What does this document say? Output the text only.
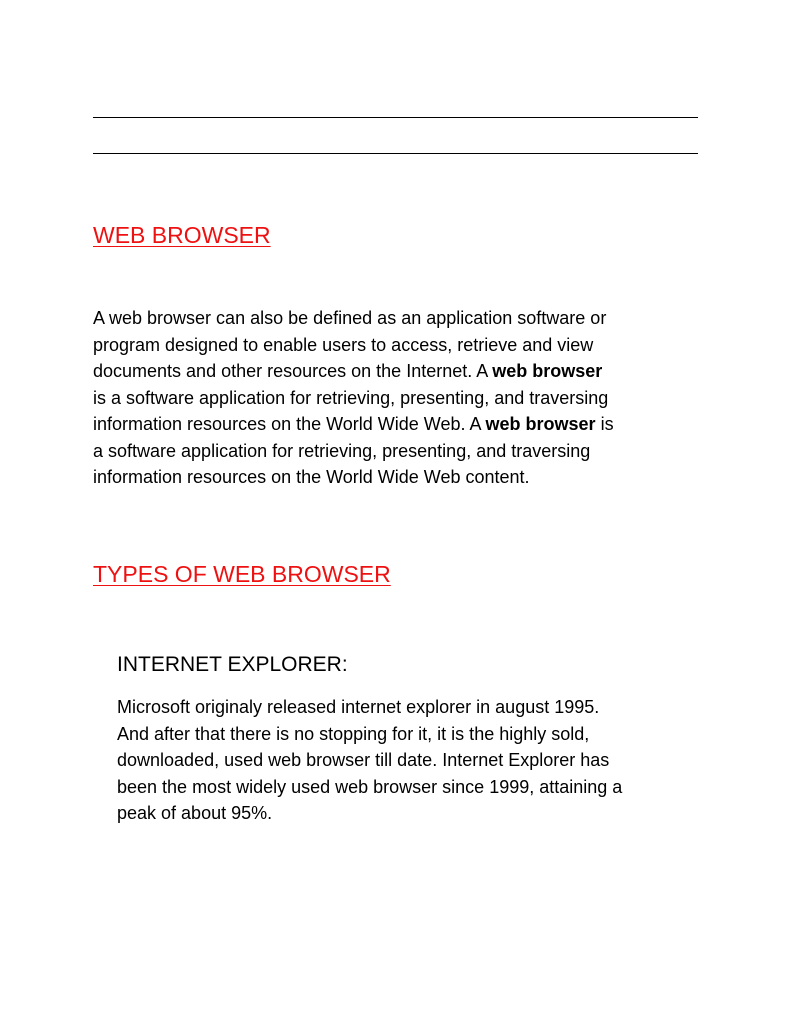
WEB BROWSER

A web browser can also be defined as an application software or
program designed to enable users to access, retrieve and view
documents and other resources on the Internet. A web browser
is a software application for retrieving, presenting, and traversing
information resources on the World Wide Web. A web browser is
a software application for retrieving, presenting, and traversing
information resources on the World Wide Web content.

TYPES OF WEB BROWSER
INTERNET EXPLORER:

Microsoft originaly released internet explorer in august 1995.
And after that there is no stopping for it, it is the highly sold,
downloaded, used web browser till date. Internet Explorer has
been the most widely used web browser since 1999, attaining a
peak of about 95%.
